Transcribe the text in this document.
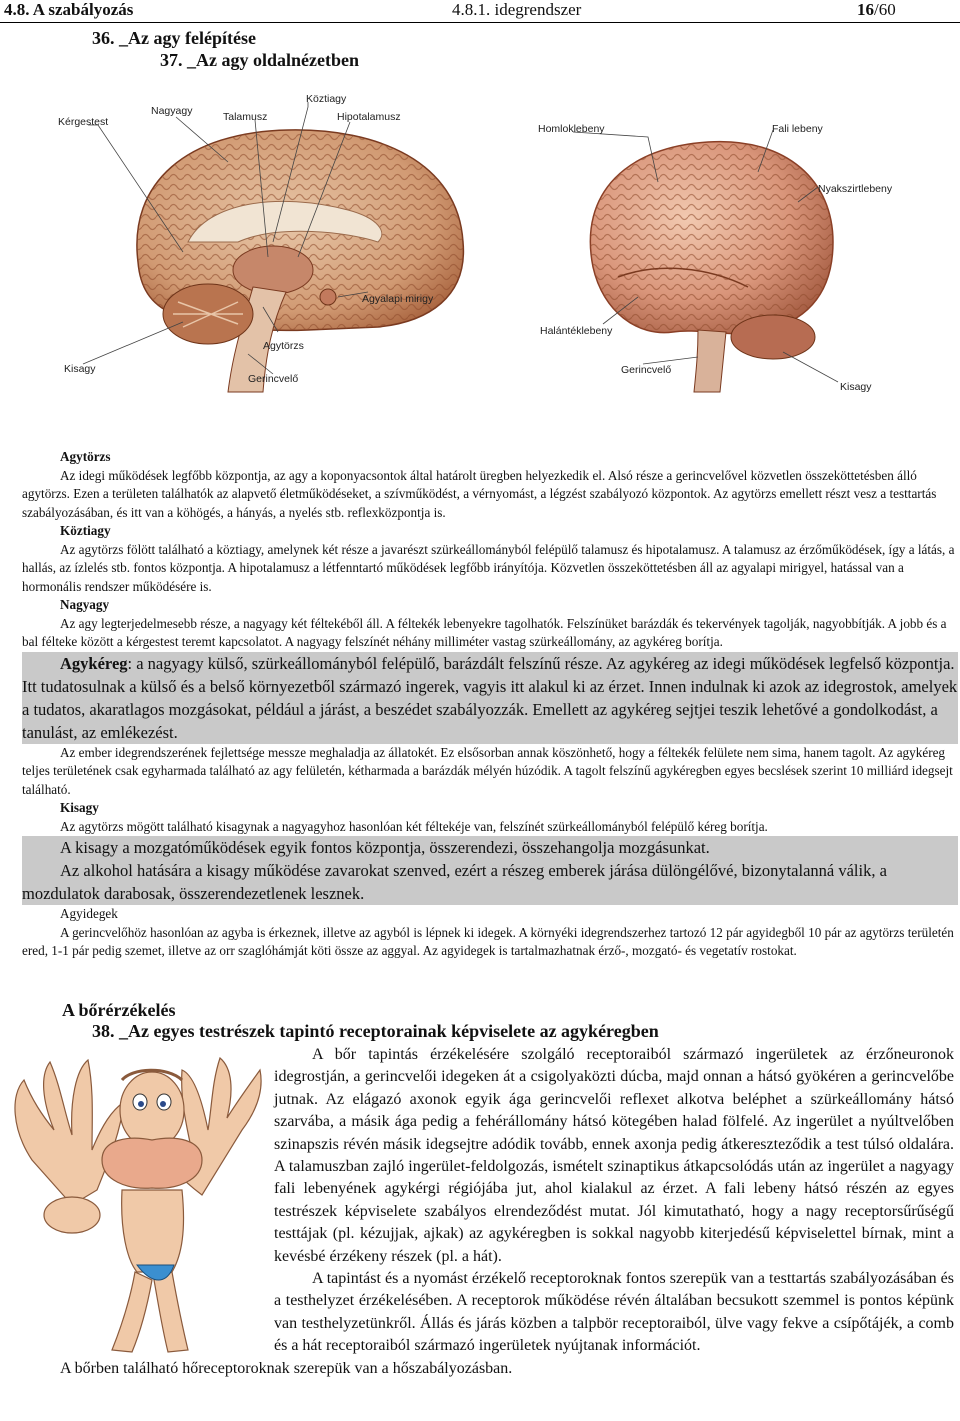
4.8. A szabályozás	4.8.1. idegrendszer	16/60
36. _Az agy felépítése
37. _Az agy oldalnézetben
Kérgestest
Nagyagy
Köztiagy
Talamusz	Hipotalamusz
Agyalapi mirigy
Agytörzs
Kisagy
Gerincvelő
Homloklebeny	Fali lebeny
Nyakszirtlebeny
Halántéklebeny
Gerincvelő
Kisagy

Agytörzs

Az idegi működések legfőbb központja, az agy a koponyacsontok által határolt üregben helyezkedik el. Alsó része a gerincvelővel közvetlen összeköttetésben álló agytörzs. Ezen a területen találhatók az alapvető életműködéseket, a szívműködést, a vérnyomást, a légzést szabályozó központok. Az agytörzs emellett részt vesz a testtartás szabályozásában, és itt van a köhögés, a hányás, a nyelés stb. reflexközpontja is.

Köztiagy

Az agytörzs fölött található a köztiagy, amelynek két része a javarészt szürkeállományból felépülő talamusz és hipotalamusz. A talamusz az érzőműködések, így a látás, a hallás, az ízlelés stb. fontos központja. A hipotalamusz a létfenntartó működések legfőbb irányítója. Közvetlen összeköttetésben áll az agyalapi mirigyel, hatással van a hormonális rendszer működésére is.

Nagyagy

Az agy legterjedelmesebb része, a nagyagy két féltekéből áll. A féltekék lebenyekre tagolhatók. Felszínüket barázdák és tekervények tagolják, nagyobbítják. A jobb és a bal félteke között a kérgestest teremt kapcsolatot. A nagyagy felszínét néhány milliméter vastag szürkeállomány, az agykéreg borítja.

Agykéreg: a nagyagy külső, szürkeállományból felépülő, barázdált felszínű része. Az agykéreg az idegi működések legfelső központja. Itt tudatosulnak a külső és a belső környezetből származó ingerek, vagyis itt alakul ki az érzet. Innen indulnak ki azok az idegrostok, amelyek a tudatos, akaratlagos mozgásokat, például a járást, a beszédet szabályozzák. Emellett az agykéreg sejtjei teszik lehetővé a gondolkodást, a tanulást, az emlékezést.

Az ember idegrendszerének fejlettsége messze meghaladja az állatokét. Ez elsősorban annak köszönhető, hogy a féltekék felülete nem sima, hanem tagolt. Az agykéreg teljes területének csak egyharmada található az agy felületén, kétharmada a barázdák mélyén húzódik. A tagolt felszínű agykéregben egyes becslések szerint 10 milliárd idegsejt található.

Kisagy

Az agytörzs mögött található kisagynak a nagyagyhoz hasonlóan két féltekéje van, felszínét szürkeállományból felépülő kéreg borítja.

A kisagy a mozgatóműködések egyik fontos központja, összerendezi, összehangolja mozgásunkat.

Az alkohol hatására a kisagy működése zavarokat szenved, ezért a részeg emberek járása dülöngélővé, bizonytalanná válik, a mozdulatok darabosak, összerendezetlenek lesznek.

Agyidegek

A gerincvelőhöz hasonlóan az agyba is érkeznek, illetve az agyból is lépnek ki idegek. A környéki idegrendszerhez tartozó 12 pár agyidegből 10 pár az agytörzs területén ered, 1-1 pár pedig szemet, illetve az orr szaglóhámját köti össze az aggyal. Az agyidegek is tartalmazhatnak érző-, mozgató- és vegetatív rostokat.

A bőrérzékelés
38. _Az egyes testrészek tapintó receptorainak képviselete az agykéregben

A bőr tapintás érzékelésére szolgáló receptoraiból származó ingerületek az érzőneuronok idegrostján, a gerincvelői idegeken át a csigolyaközti dúcba, majd onnan a hátsó gyökéren a gerincvelőbe jutnak. Az elágazó axonok egyik ága gerincvelői reflexet alkotva beléphet a szürkeállomány hátsó szarvába, a másik ága pedig a fehérállomány hátsó kötegében halad fölfelé. Az ingerület a nyúltvelőben szinapszis révén másik idegsejtre adódik tovább, ennek axonja pedig átkereszteződik a test túlsó oldalára. A talamuszban zajló ingerület-feldolgozás, ismételt szinaptikus átkapcsolódás után az ingerület a nagyagy fali lebenyének agykérgi régiójába jut, ahol kialakul az érzet. A fali lebeny hátsó részén az egyes testrészek képviselete szabályos elrendeződést mutat. Jól kimutatható, hogy a nagy receptorsűrűségű testtájak (pl. kézujjak, ajkak) az agykéregben is sokkal nagyobb kiterjedésű képviselettel bírnak, mint a kevésbé érzékeny részek (pl. a hát).

A tapintást és a nyomást érzékelő receptoroknak fontos szerepük van a testtartás szabályozásában és a testhelyzet érzékelésében. A receptorok működése révén általában becsukott szemmel is pontos képünk van testhelyzetünkről. Állás és járás közben a talpbör receptoraiból, ülve vagy fekve a csípőtájék, a comb és a hát receptoraiból származó ingerületek nyújtanak információt.

A bőrben található hőreceptoroknak szerepük van a hőszabályozásban.
